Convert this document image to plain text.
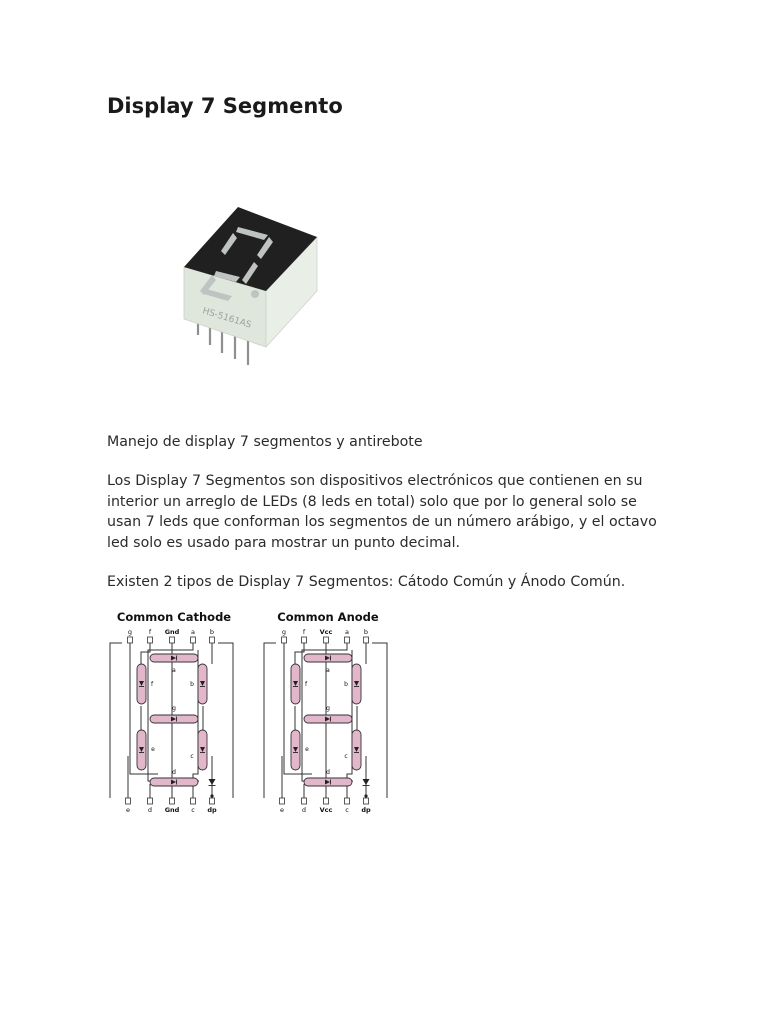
Display 7 Segmento
HS-5161AS

Manejo de display 7 segmentos y antirebote

Los Display 7 Segmentos son dispositivos electrónicos que contienen en su interior un arreglo de LEDs (8 leds en total) solo que por lo general solo se usan 7 leds que conforman los segmentos de un número arábigo, y el octavo led solo es usado para mostrar un punto decimal.

Existen 2 tipos de Display 7 Segmentos: Cátodo Común y Ánodo Común.

Common Cathode
g	f Gnd a b
e	d Gnd c dp
a
b
c
d
e
f
g
Common Anode
g	f Vcc a b
e	d Vcc c dp
a
b
c
d
e
f
g
